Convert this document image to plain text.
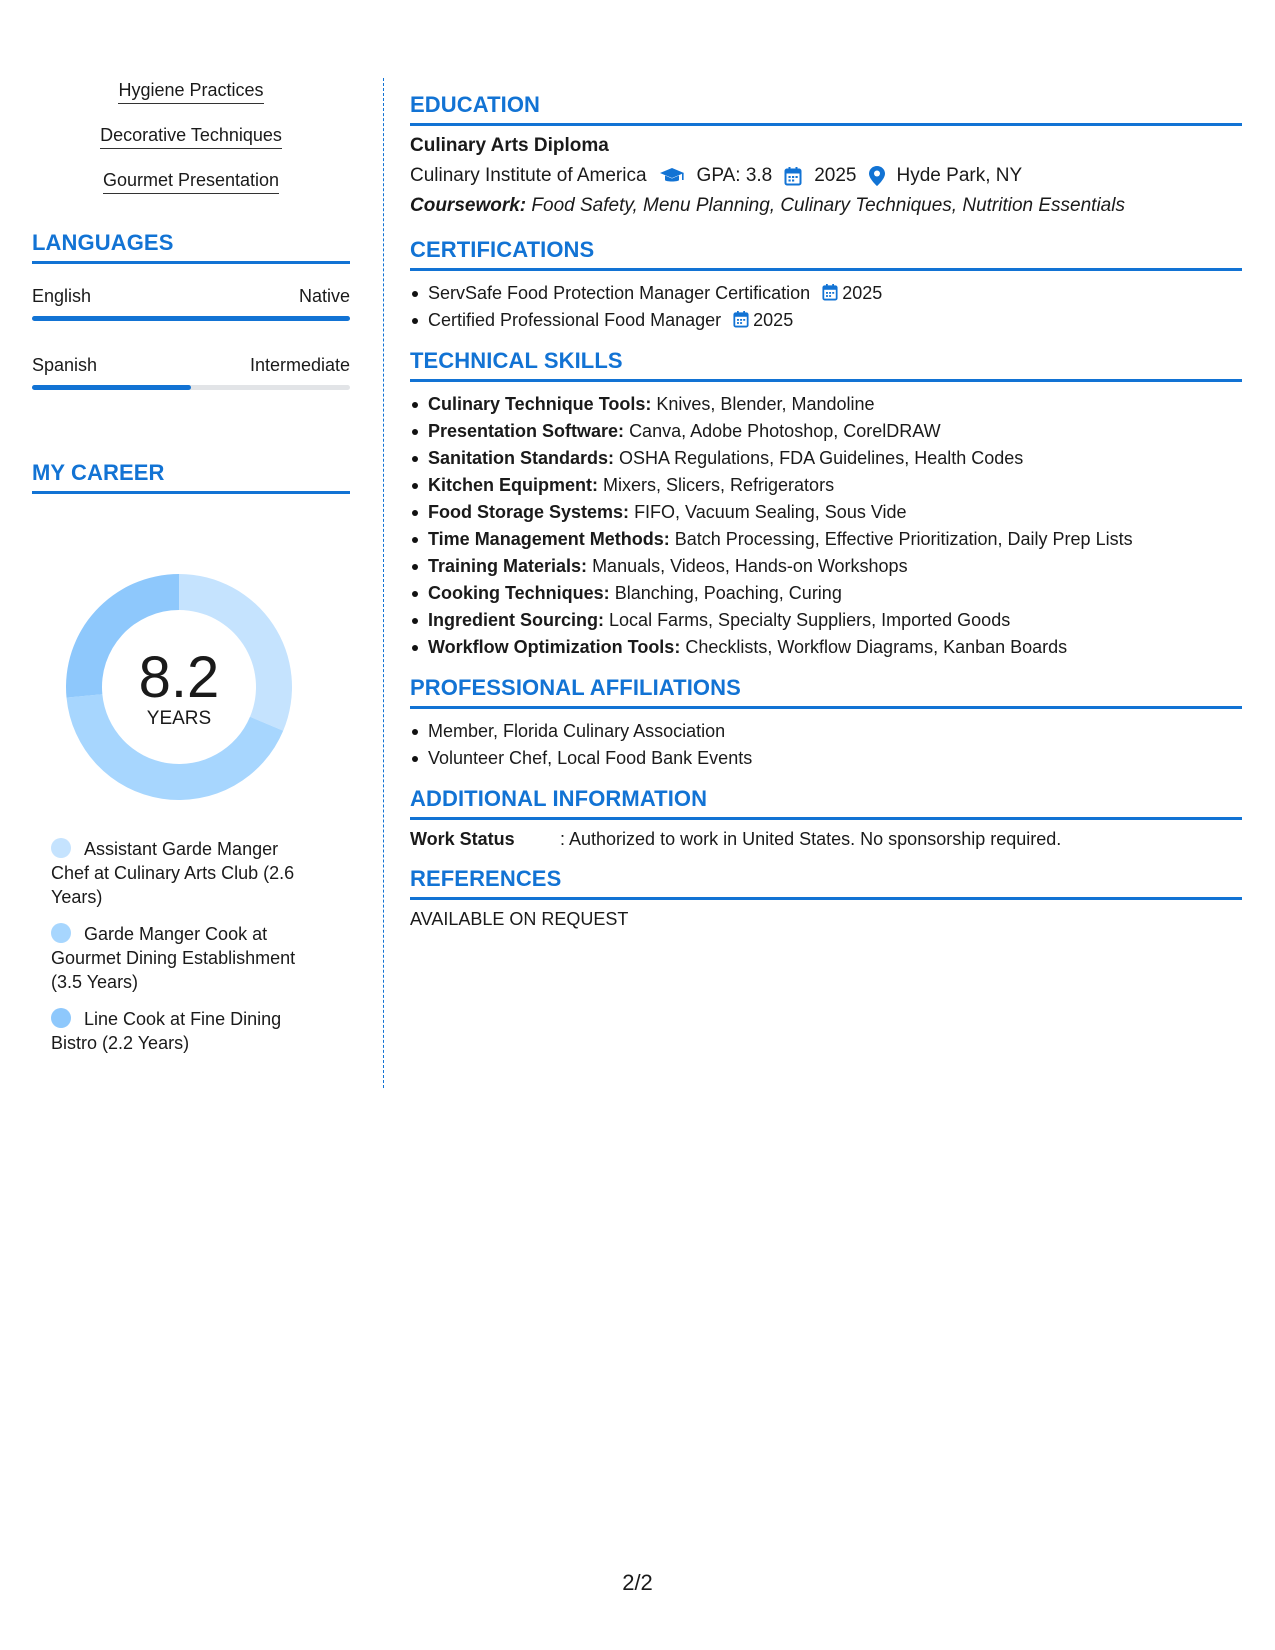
Hygiene Practices
Decorative Techniques
Gourmet Presentation
LANGUAGES
English	Native
Spanish	Intermediate
MY CAREER
8.2
YEARS
Assistant Garde Manger Chef at Culinary Arts Club (2.6 Years)
Garde Manger Cook at Gourmet Dining Establishment (3.5 Years)
Line Cook at Fine Dining Bistro (2.2 Years)
EDUCATION
Culinary Arts Diploma
Culinary Institute of America	GPA: 3.8 2025 Hyde Park, NY
Coursework: Food Safety, Menu Planning, Culinary Techniques, Nutrition Essentials
CERTIFICATIONS
ServSafe Food Protection Manager Certification 2025
Certified Professional Food Manager 2025
TECHNICAL SKILLS
Culinary Technique Tools: Knives, Blender, Mandoline
Presentation Software: Canva, Adobe Photoshop, CorelDRAW
Sanitation Standards: OSHA Regulations, FDA Guidelines, Health Codes
Kitchen Equipment: Mixers, Slicers, Refrigerators
Food Storage Systems: FIFO, Vacuum Sealing, Sous Vide
Time Management Methods: Batch Processing, Effective Prioritization, Daily Prep Lists
Training Materials: Manuals, Videos, Hands-on Workshops
Cooking Techniques: Blanching, Poaching, Curing
Ingredient Sourcing: Local Farms, Specialty Suppliers, Imported Goods
Workflow Optimization Tools: Checklists, Workflow Diagrams, Kanban Boards
PROFESSIONAL AFFILIATIONS
Member, Florida Culinary Association
Volunteer Chef, Local Food Bank Events
ADDITIONAL INFORMATION
Work Status	: Authorized to work in United States. No sponsorship required.
REFERENCES
AVAILABLE ON REQUEST
2/2
